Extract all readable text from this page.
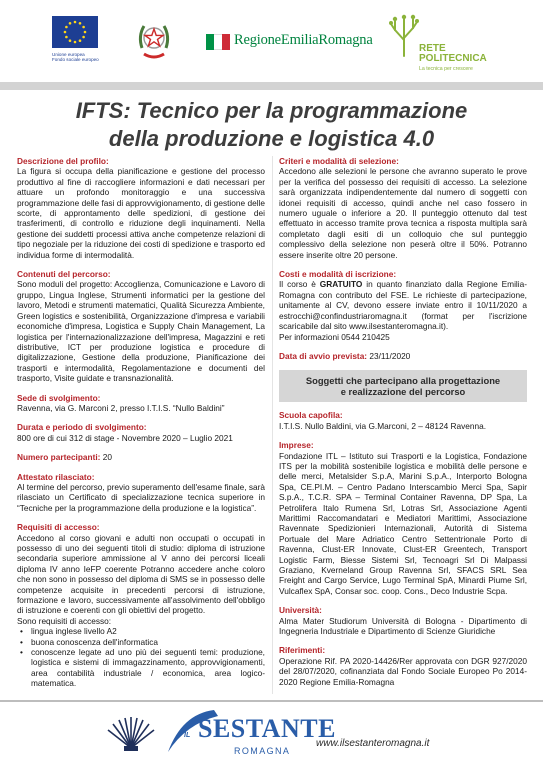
Unione europea
Fondo sociale europeo
RegioneEmiliaRomagna
RETE
POLITECNICA
La tecnica per crescere
IFTS: Tecnico per la programmazione
della produzione e logistica 4.0
Descrizione del profilo:
La figura si occupa della pianificazione e gestione del processo produttivo al fine di raccogliere informazioni e dati necessari per attuare un profondo monitoraggio e una successiva programmazione delle fasi di approvvigionamento, di gestione delle scorte, di approntamento delle spedizioni, di gestione dei trasferimenti, di controllo e riduzione degli inquinamenti. Nella gestione dei suddetti processi attiva anche competenze relazioni di tipo negoziale per la riduzione dei costi di spedizione e trasporto ed individua forme di intermodalità.
Contenuti del percorso:
Sono moduli del progetto: Accoglienza, Comunicazione e Lavoro di gruppo, Lingua Inglese, Strumenti informatici per la gestione del lavoro, Metodi e strumenti matematici, Qualità Sicurezza Ambiente, Green logistics e sostenibilità, Organizzazione d'impresa e variabili economiche d'impresa, Logistica e Supply Chain Management, La logistica per l'internazionalizzazione dell'impresa, Magazzini e reti distributive, ICT per produzione logistica e procedure di digitalizzazione, Gestione della produzione, Pianificazione dei trasporti e intermodalità, Regolamentazione e documenti del trasporto, Visite guidate e transnazionalità.
Sede di svolgimento:
Ravenna, via G. Marconi 2, presso I.T.I.S. “Nullo Baldini”
Durata e periodo di svolgimento:
800 ore di cui 312 di stage - Novembre 2020 – Luglio 2021
Numero partecipanti: 20
Attestato rilasciato:
Al termine del percorso, previo superamento dell'esame finale, sarà rilasciato un Certificato di specializzazione tecnica superiore in “Tecniche per la programmazione della produzione e la logistica”.
Requisiti di accesso:
Accedono al corso giovani e adulti non occupati o occupati in possesso di uno dei seguenti titoli di studio: diploma di istruzione secondaria superiore ammissione al V anno dei percorsi liceali diploma IV anno IeFP coerente Potranno accedere anche coloro che non sono in possesso del diploma di SMS se in possesso delle competenze acquisite in precedenti percorsi di istruzione, formazione e lavoro, successivamente all'assolvimento dell'obbligo di istruzione e coerenti con gli obiettivi del progetto.
Sono requisiti di accesso:
• lingua inglese livello A2
• buona conoscenza dell'informatica
• conoscenze legate ad uno più dei seguenti temi: produzione, logistica e sistemi di immagazzinamento, approvvigionamenti, area contabilità industriale / economica, area logico-matematica.
Criteri e modalità di selezione:
Accedono alle selezioni le persone che avranno superato le prove per la verifica del possesso dei requisiti di accesso. La selezione sarà organizzata indipendentemente dal numero di soggetti con idonei requisiti di accesso, quindi anche nel caso fossero in numero uguale o inferiore a 20. Il punteggio ottenuto dal test effettuato in accesso tramite prova tecnica a risposta multipla sarà completato dagli esiti di un colloquio che sul punteggio complessivo della selezione non peserà oltre il 50%. Potranno essere inserite oltre 20 persone.
Costi e modalità di iscrizione:
Il corso è GRATUITO in quanto finanziato dalla Regione Emilia-Romagna con contributo del FSE. Le richieste di partecipazione, unitamente al CV, devono essere inviate entro il 10/11/2020 a estrocchi@confindustriaromagna.it (format per l'iscrizione scaricabile dal sito www.ilsestanteromagna.it).
Per informazioni 0544 210425
Data di avvio prevista: 23/11/2020
Soggetti che partecipano alla progettazione
e realizzazione del percorso
Scuola capofila:
I.T.I.S. Nullo Baldini, via G.Marconi, 2 – 48124 Ravenna.
Imprese:
Fondazione ITL – Istituto sui Trasporti e la Logistica, Fondazione ITS per la mobilità sostenibile logistica e mobilità delle persone e delle merci, Metalsider S.p.A, Marini S.p.A., Interporto Bologna Spa, CE.PI.M. – Centro Padano Interscambio Merci Spa, Sapir S.p.A., T.C.R. SPA – Terminal Container Ravenna, DP Spa, La Petrolifera Italo Rumena Srl, Lotras Srl, Associazione Agenti Marittimi Raccomandatari e Mediatori Marittimi, Associazione Ravennate Spedizionieri Internazionali, Autorità di Sistema Portuale del Mare Adriatico Centro Settentrionale Porto di Ravenna, Clust-ER Innovate, Clust-ER Greentech, Transport Logistic Farm, Biesse Sistemi Srl, Tecnoagri Srl Di Malpassi Graziano, Kverneland Group Ravenna Srl, SFACS SRL Sea Freight and Cargo Service, Lugo Terminal SpA, Minardi Piume Srl, Vulcaflex SpA, Consar soc. coop. Cons., Deco Industrie Scpa.
Università:
Alma Mater Studiorum Università di Bologna - Dipartimento di Ingegneria Industriale e Dipartimento di Scienze Giuridiche
Riferimenti:
Operazione Rif. PA 2020-14426/Rer approvata con DGR 927/2020 del 28/07/2020, cofinanziata dal Fondo Sociale Europeo Po 2014-2020 Regione Emilia-Romagna
IL SESTANTE
ROMAGNA
www.ilsestanteromagna.it
